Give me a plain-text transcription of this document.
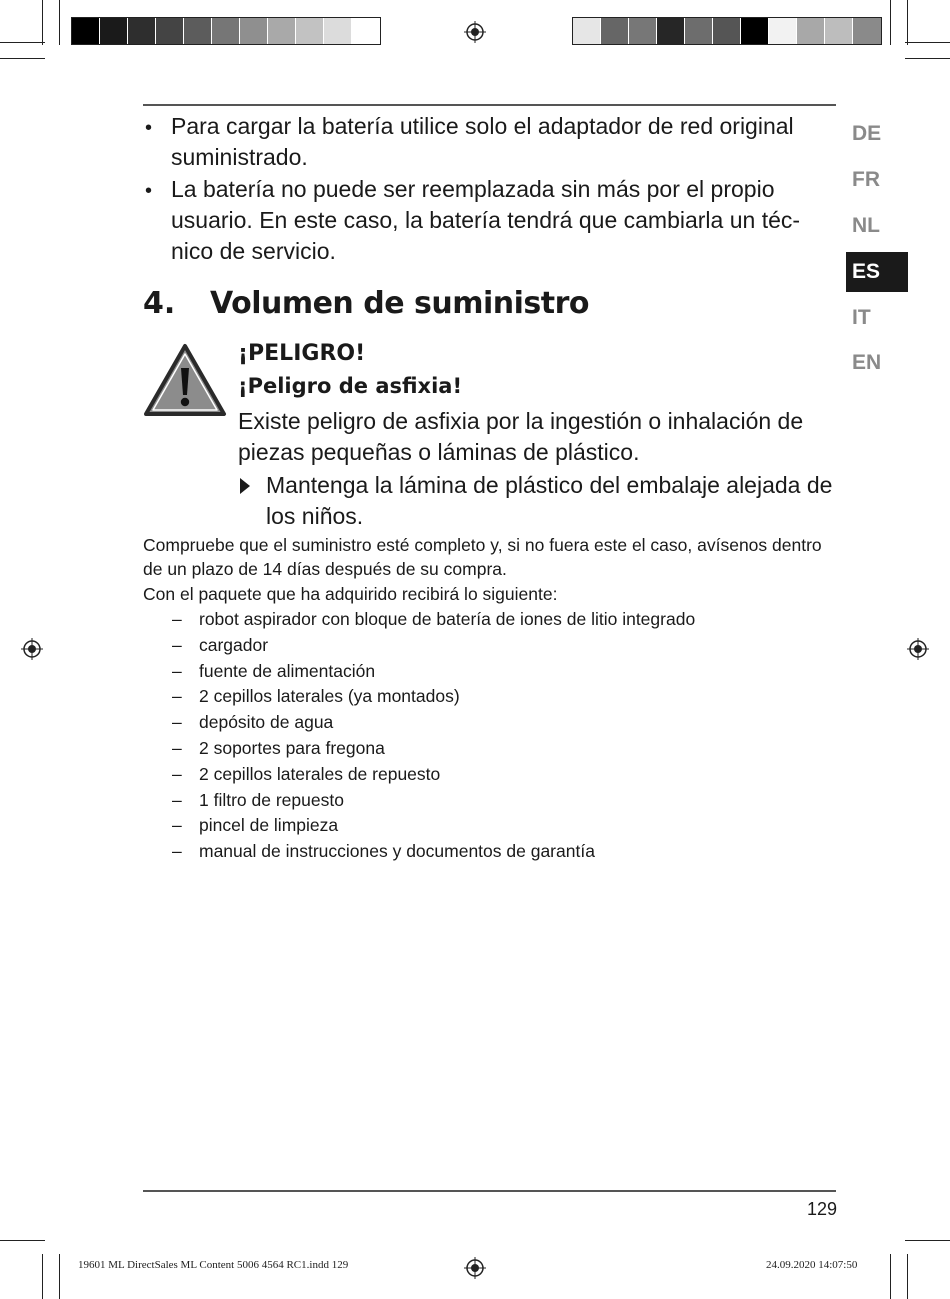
DE
FR
NL
ES
IT
EN
• Para cargar la batería utilice solo el adaptador de red original suministrado.
• La batería no puede ser reemplazada sin más por el propio usuario. En este caso, la batería tendrá que cambiarla un téc- nico de servicio.
4. Volumen de suministro
¡PELIGRO!
¡Peligro de asfixia!
Existe peligro de asfixia por la ingestión o inhalación de piezas pequeñas o láminas de plástico.
Mantenga la lámina de plástico del embalaje alejada de los niños.
Compruebe que el suministro esté completo y, si no fuera este el caso, avísenos dentro de un plazo de 14 días después de su compra.
Con el paquete que ha adquirido recibirá lo siguiente:
– robot aspirador con bloque de batería de iones de litio integrado
– cargador
– fuente de alimentación
– 2 cepillos laterales (ya montados)
– depósito de agua
– 2 soportes para fregona
– 2 cepillos laterales de repuesto
– 1 filtro de repuesto
– pincel de limpieza
– manual de instrucciones y documentos de garantía
129
19601 ML DirectSales ML Content 5006 4564 RC1.indd 129	24.09.2020 14:07:50
